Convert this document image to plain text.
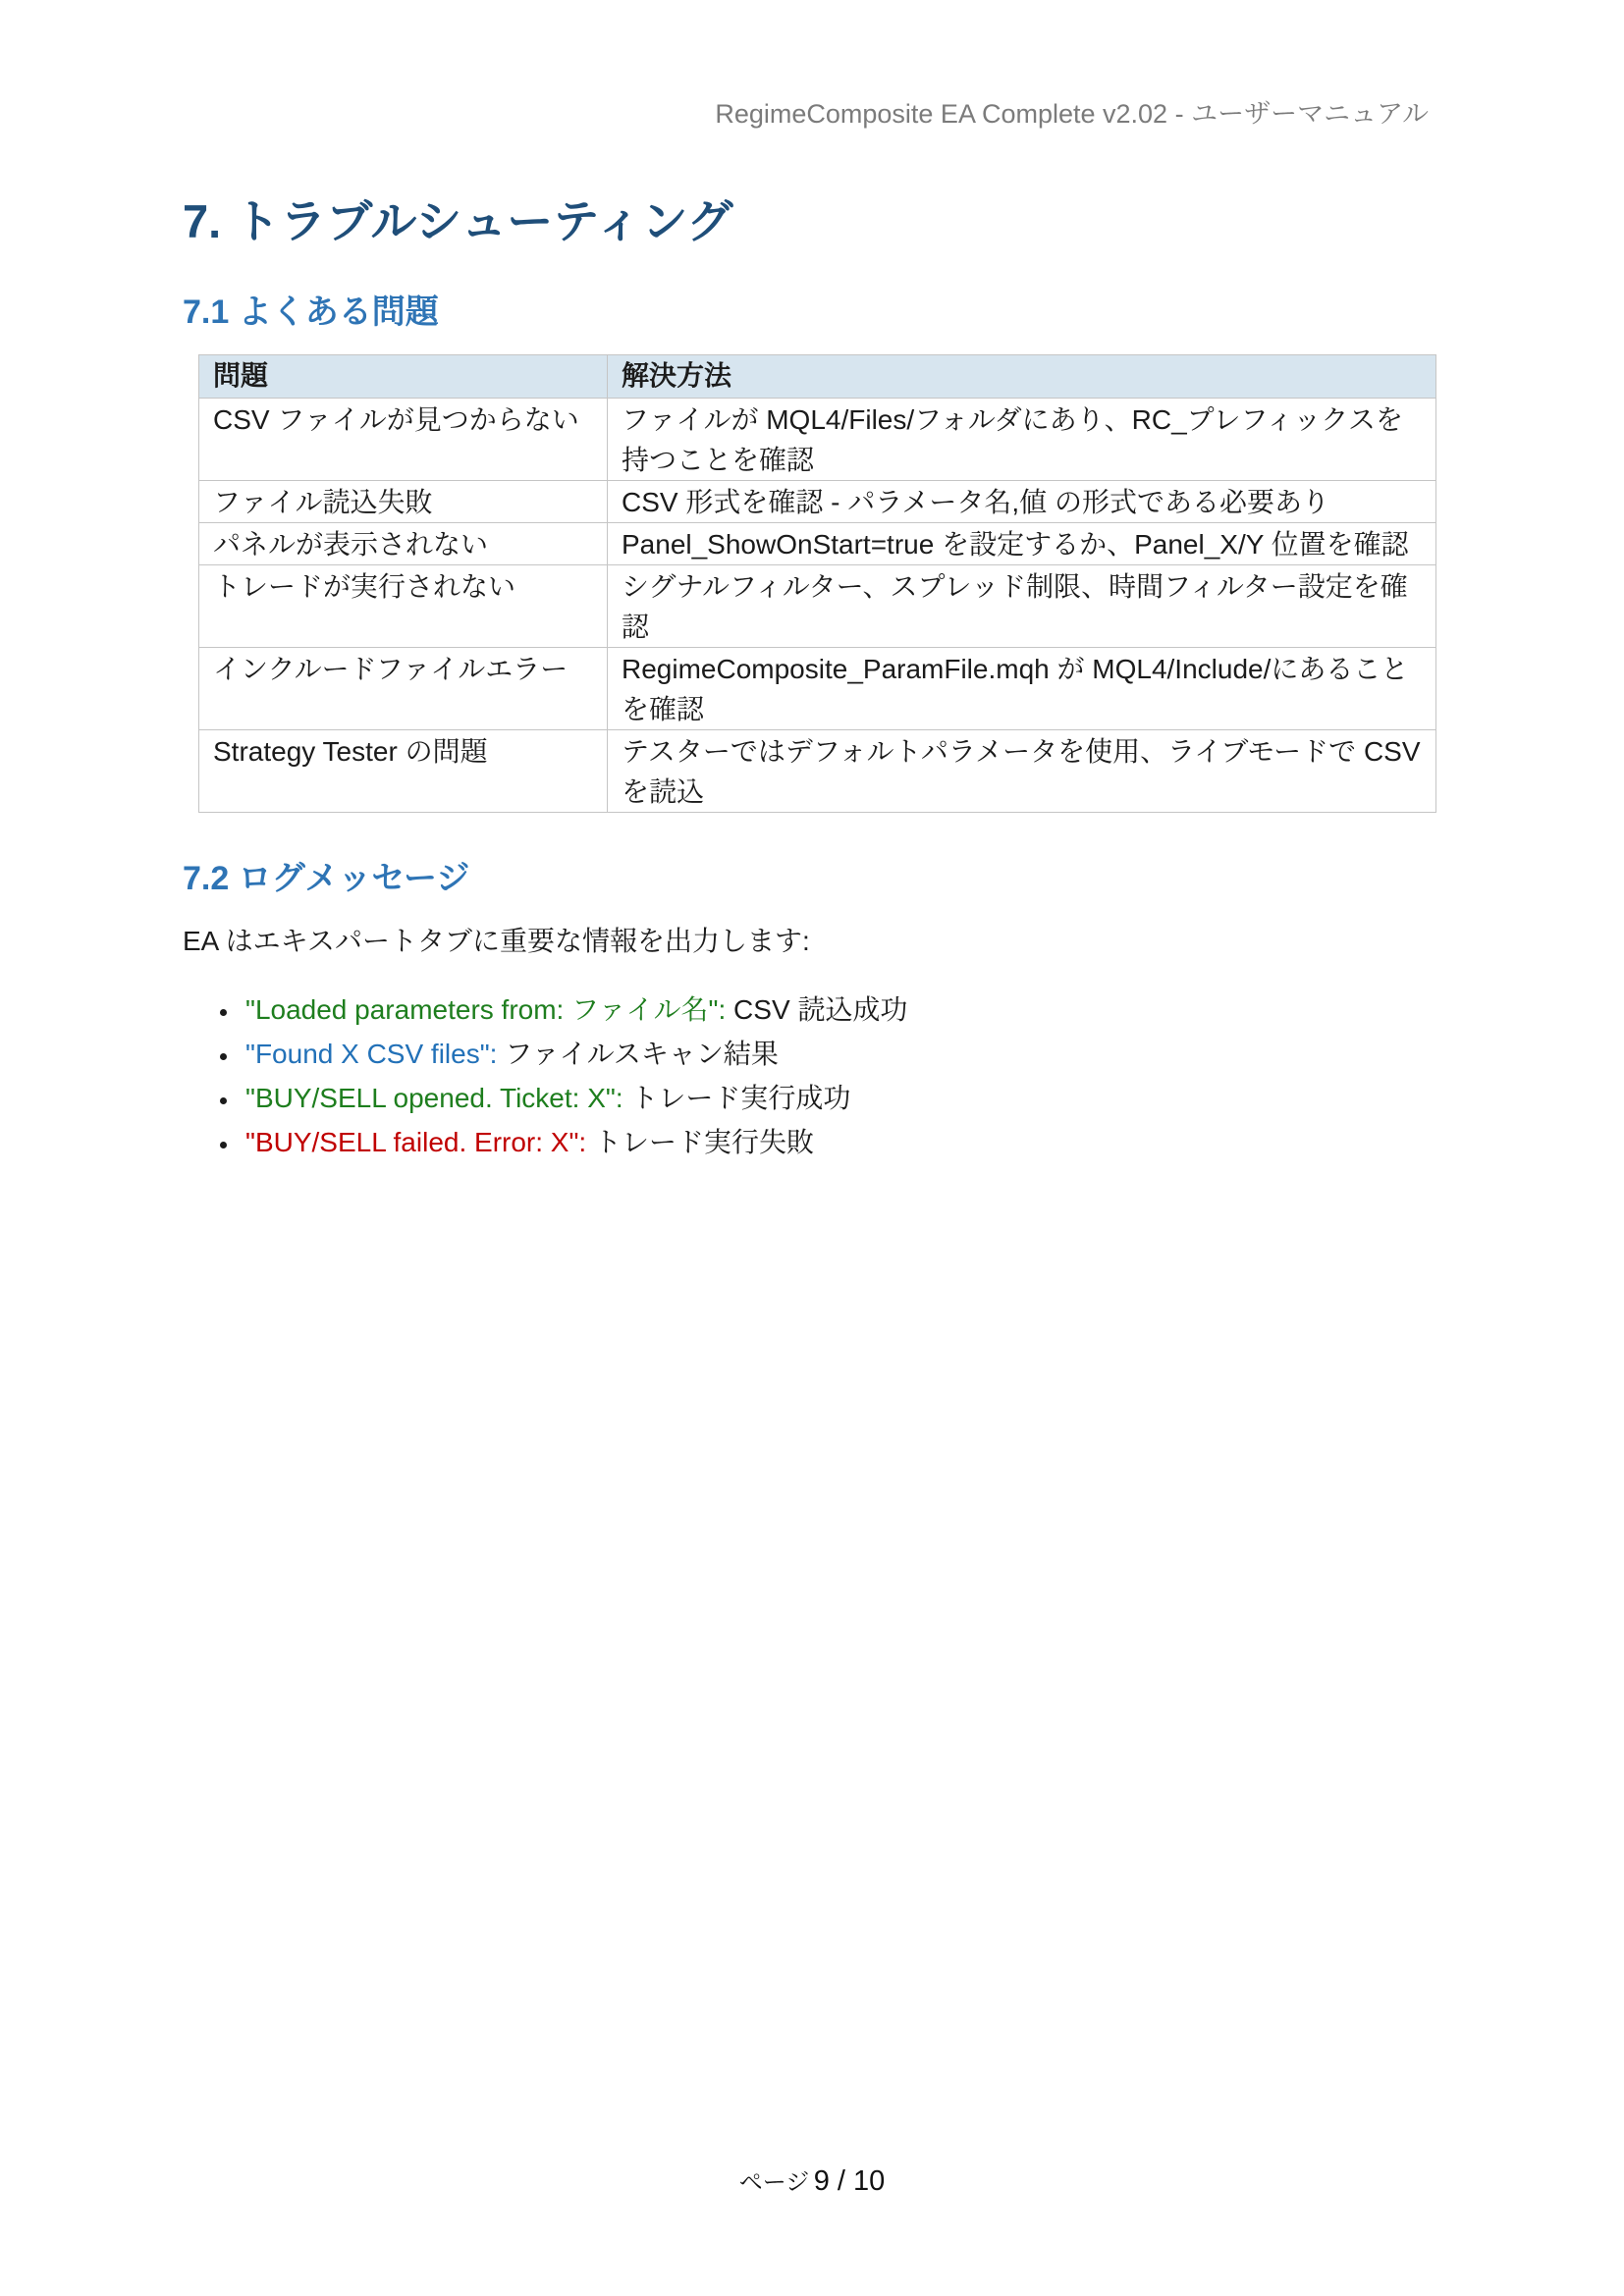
RegimeComposite EA Complete v2.02 - ユーザーマニュアル
7. トラブルシューティング
7.1 よくある問題
問題	解決方法
CSV ファイルが見つからない	ファイルが MQL4/Files/フォルダにあり、RC_プレフィックスを持つことを確認
ファイル読込失敗	CSV 形式を確認 - パラメータ名,値 の形式である必要あり
パネルが表示されない	Panel_ShowOnStart=true を設定するか、Panel_X/Y 位置を確認
トレードが実行されない	シグナルフィルター、スプレッド制限、時間フィルター設定を確認
インクルードファイルエラー	RegimeComposite_ParamFile.mqh が MQL4/Include/にあることを確認
Strategy Tester の問題	テスターではデフォルトパラメータを使用、ライブモードで CSV を読込
7.2 ログメッセージ

EA はエキスパートタブに重要な情報を出力します:

• "Loaded parameters from: ファイル名": CSV 読込成功
• "Found X CSV files": ファイルスキャン結果
• "BUY/SELL opened. Ticket: X": トレード実行成功
• "BUY/SELL failed. Error: X": トレード実行失敗
ページ 9 / 10
